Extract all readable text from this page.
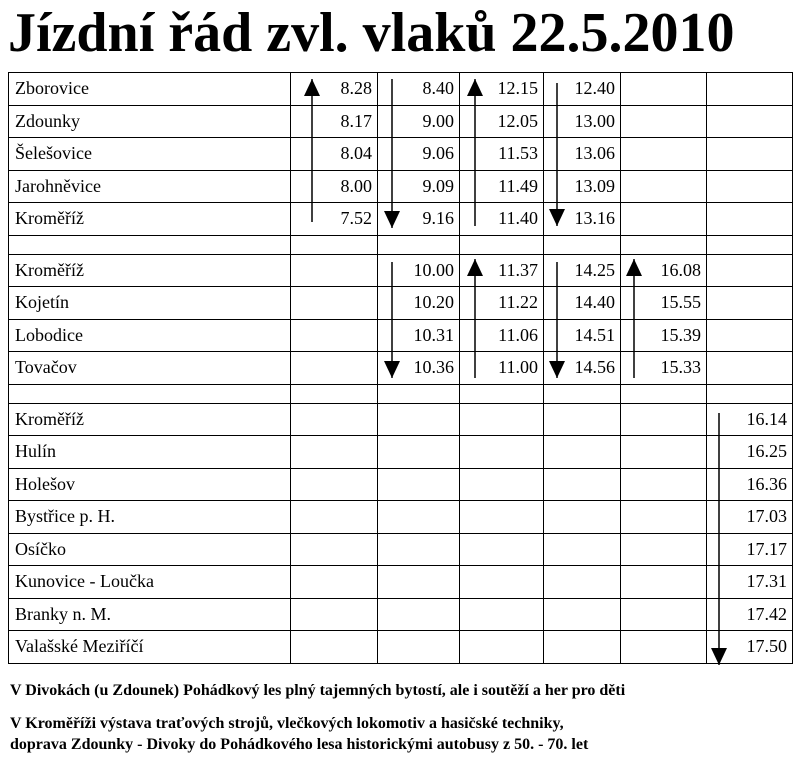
Jízdní řád zvl. vlaků 22.5.2010
Zborovice	8.28	8.40	12.15	12.40		
Zdounky	8.17	9.00	12.05	13.00		
Šelešovice	8.04	9.06	11.53	13.06		
Jarohněvice	8.00	9.09	11.49	13.09		
Kroměříž	7.52	9.16	11.40	13.16		

Kroměříž		10.00	11.37	14.25	16.08	
Kojetín		10.20	11.22	14.40	15.55	
Lobodice		10.31	11.06	14.51	15.39	
Tovačov		10.36	11.00	14.56	15.33	

Kroměříž						16.14
Hulín						16.25
Holešov						16.36
Bystřice p. H.						17.03
Osíčko						17.17
Kunovice - Loučka						17.31
Branky n. M.						17.42
Valašské Meziříčí						17.50
V Divokách (u Zdounek) Pohádkový les plný tajemných bytostí, ale i soutěží a her pro děti
V Kroměříži výstava traťových strojů, vlečkových lokomotiv a hasičské techniky,
doprava Zdounky - Divoky do Pohádkového lesa historickými autobusy z 50. - 70. let
